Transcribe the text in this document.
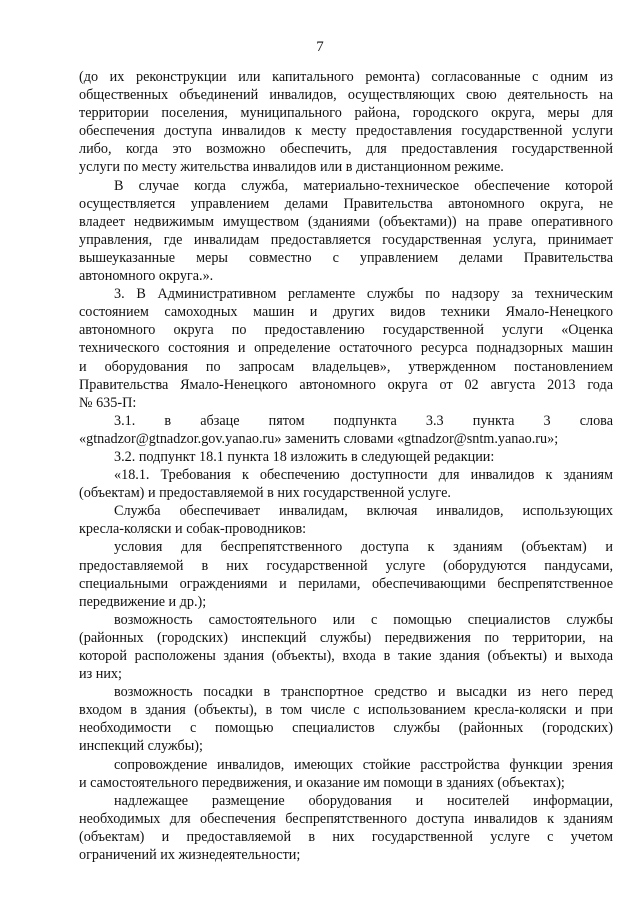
7
(до их реконструкции или капитального ремонта) согласованные с одним из
общественных объединений инвалидов, осуществляющих свою деятельность на
территории поселения, муниципального района, городского округа, меры для
обеспечения доступа инвалидов к месту предоставления государственной услуги
либо, когда это возможно обеспечить, для предоставления государственной
услуги по месту жительства инвалидов или в дистанционном режиме.
В случае когда служба, материально-техническое обеспечение которой
осуществляется управлением делами Правительства автономного округа, не
владеет недвижимым имуществом (зданиями (объектами)) на праве оперативного
управления, где инвалидам предоставляется государственная услуга, принимает
вышеуказанные меры совместно с управлением делами Правительства
автономного округа.».
3. В Административном регламенте службы по надзору за техническим
состоянием самоходных машин и других видов техники Ямало-Ненецкого
автономного округа по предоставлению государственной услуги «Оценка
технического состояния и определение остаточного ресурса поднадзорных машин
и оборудования по запросам владельцев», утвержденном постановлением
Правительства Ямало-Ненецкого автономного округа от 02 августа 2013 года
№ 635-П:
3.1. в абзаце пятом подпункта 3.3 пункта 3 слова
«gtnadzor@gtnadzor.gov.yanao.ru» заменить словами «gtnadzor@sntm.yanao.ru»;
3.2. подпункт 18.1 пункта 18 изложить в следующей редакции:
«18.1. Требования к обеспечению доступности для инвалидов к зданиям
(объектам) и предоставляемой в них государственной услуге.
Служба обеспечивает инвалидам, включая инвалидов, использующих
кресла-коляски и собак-проводников:
условия для беспрепятственного доступа к зданиям (объектам) и
предоставляемой в них государственной услуге (оборудуются пандусами,
специальными ограждениями и перилами, обеспечивающими беспрепятственное
передвижение и др.);
возможность самостоятельного или с помощью специалистов службы
(районных (городских) инспекций службы) передвижения по территории, на
которой расположены здания (объекты), входа в такие здания (объекты) и выхода
из них;
возможность посадки в транспортное средство и высадки из него перед
входом в здания (объекты), в том числе с использованием кресла-коляски и при
необходимости с помощью специалистов службы (районных (городских)
инспекций службы);
сопровождение инвалидов, имеющих стойкие расстройства функции зрения
и самостоятельного передвижения, и оказание им помощи в зданиях (объектах);
надлежащее размещение оборудования и носителей информации,
необходимых для обеспечения беспрепятственного доступа инвалидов к зданиям
(объектам) и предоставляемой в них государственной услуге с учетом
ограничений их жизнедеятельности;
